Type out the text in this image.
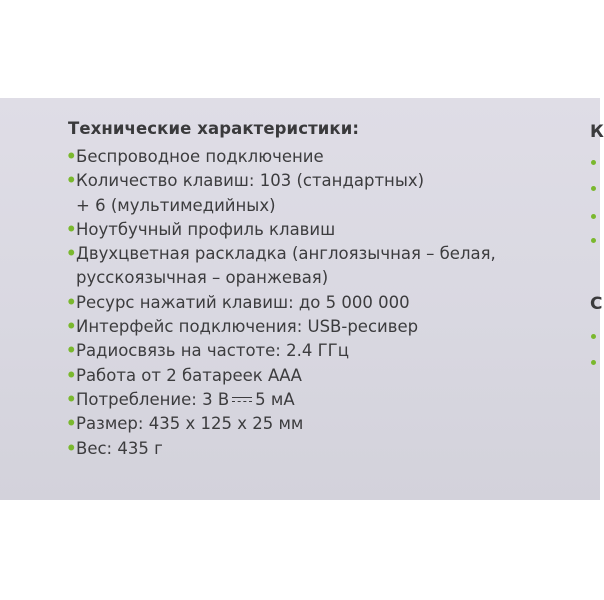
Технические характеристики:
• Беспроводное подключение
• Количество клавиш: 103 (стандартных)
+ 6 (мультимедийных)
• Ноутбучный профиль клавиш
• Двухцветная раскладка (англоязычная – белая,
русскоязычная – оранжевая)
• Ресурс нажатий клавиш: до 5 000 000
• Интерфейс подключения: USB-ресивер
• Радиосвязь на частоте: 2.4 ГГц
• Работа от 2 батареек ААА
• Потребление: 3 В 5 мА
• Размер: 435 x 125 x 25 мм
• Вес: 435 г
К
С
